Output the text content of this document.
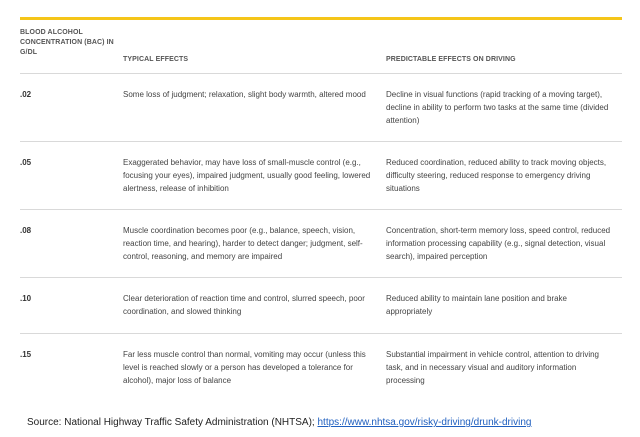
BLOOD ALCOHOL CONCENTRATION (BAC) IN G/DL	TYPICAL EFFECTS	PREDICTABLE EFFECTS ON DRIVING

.02	Some loss of judgment; relaxation, slight body warmth, altered mood	Decline in visual functions (rapid tracking of a moving target), decline in ability to perform two tasks at the same time (divided attention)
.05	Exaggerated behavior, may have loss of small-muscle control (e.g., focusing your eyes), impaired judgment, usually good feeling, lowered alertness, release of inhibition	Reduced coordination, reduced ability to track moving objects, difficulty steering, reduced response to emergency driving situations
.08	Muscle coordination becomes poor (e.g., balance, speech, vision, reaction time, and hearing), harder to detect danger; judgment, self-control, reasoning, and memory are impaired	Concentration, short-term memory loss, speed control, reduced information processing capability (e.g., signal detection, visual search), impaired perception
.10	Clear deterioration of reaction time and control, slurred speech, poor coordination, and slowed thinking	Reduced ability to maintain lane position and brake appropriately
.15	Far less muscle control than normal, vomiting may occur (unless this level is reached slowly or a person has developed a tolerance for alcohol), major loss of balance	Substantial impairment in vehicle control, attention to driving task, and in necessary visual and auditory information processing
Source: National Highway Traffic Safety Administration (NHTSA); https://www.nhtsa.gov/risky-driving/drunk-driving
